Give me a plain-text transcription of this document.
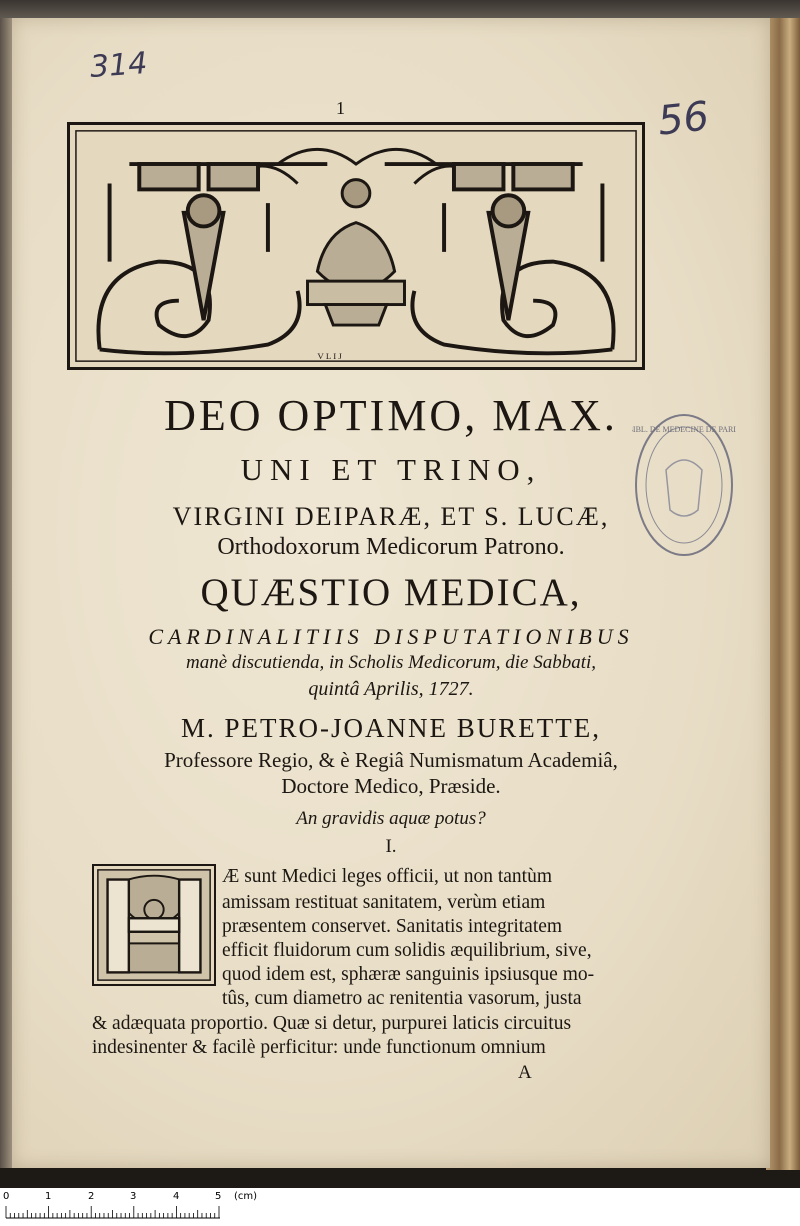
314
56
1
V L I J
BIBL. DE MEDECINE DE PARIS
DEO OPTIMO, MAX.
UNI ET TRINO,
VIRGINI DEIPARÆ, ET S. LUCÆ,
Orthodoxorum Medicorum Patrono.
QUÆSTIO MEDICA,
CARDINALITIIS DISPUTATIONIBUS
manè discutienda, in Scholis Medicorum, die Sabbati,
quintâ Aprilis, 1727.
M. PETRO-JOANNE BURETTE,
Professore Regio, & è Regiâ Numismatum Academiâ,
Doctore Medico, Præside.
An gravidis aquæ potus?
I.
Æ sunt Medici leges officii, ut non tantùm
amissam restituat sanitatem, verùm etiam
præsentem conservet. Sanitatis integritatem
efficit fluidorum cum solidis æquilibrium, sive,
quod idem est, sphæræ sanguinis ipsiusque mo-
tûs, cum diametro ac renitentia vasorum, justa
& adæquata proportio. Quæ si detur, purpurei laticis circuitus
indesinenter & facilè perficitur: unde functionum omnium
A
0	1	2	3	4	5 (cm)
